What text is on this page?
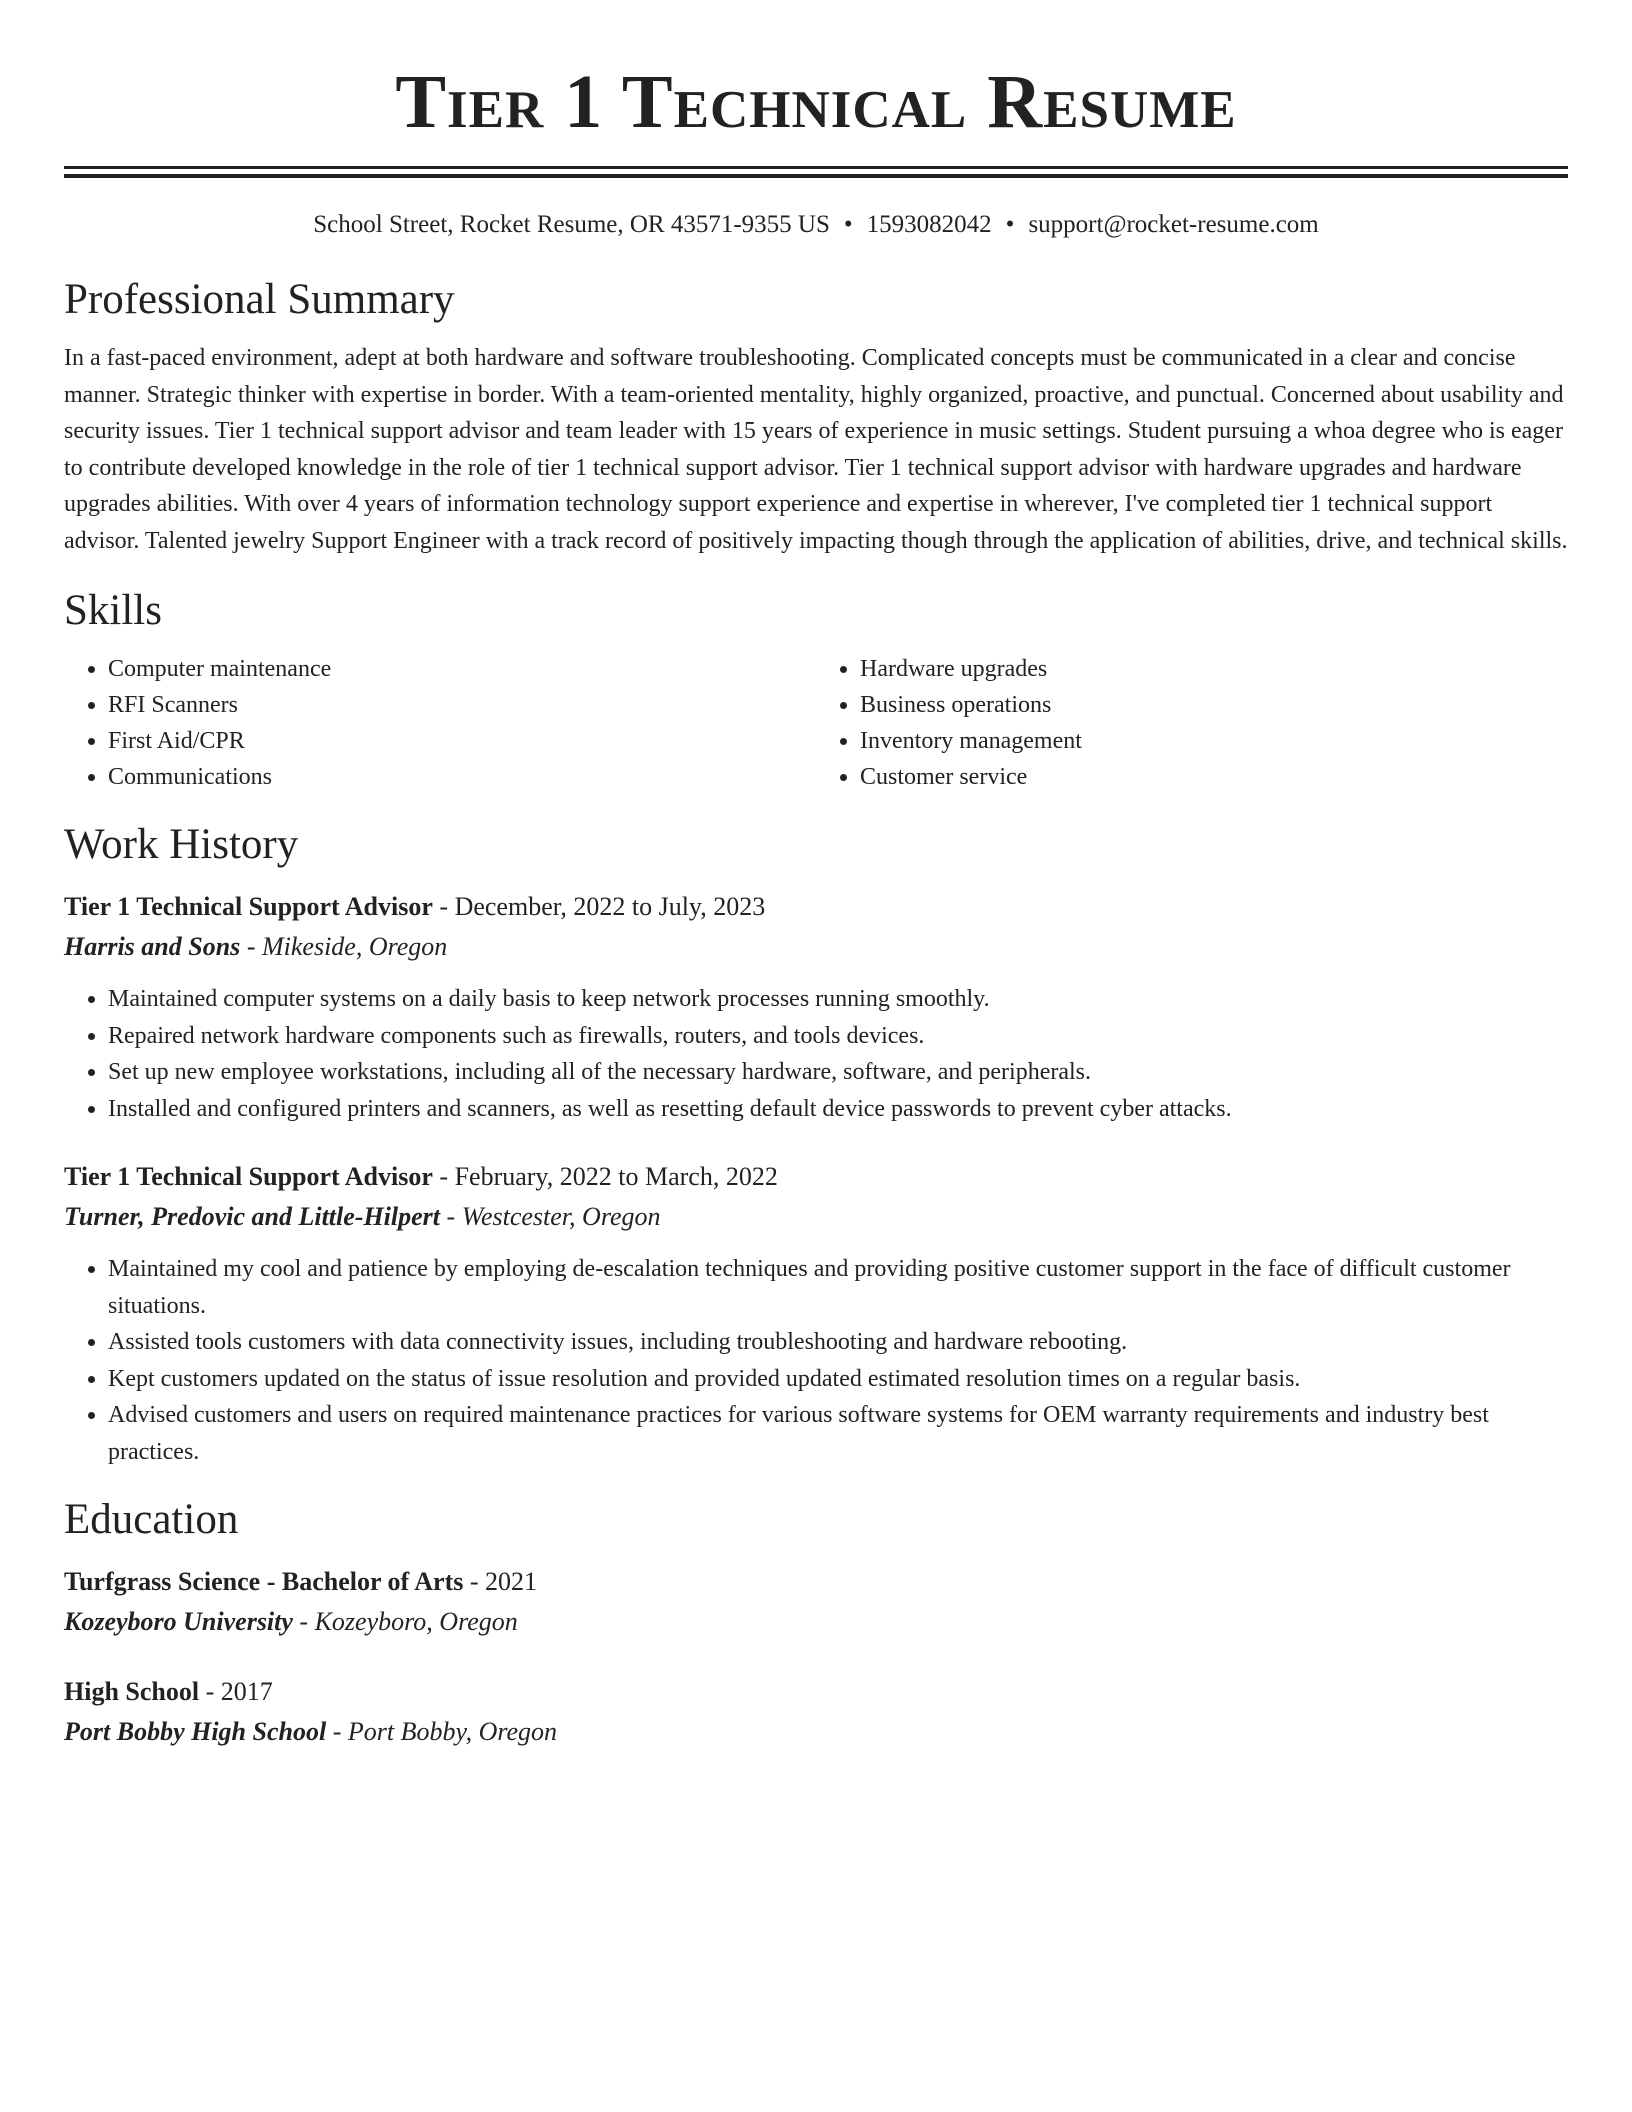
Tier 1 Technical Resume
School Street, Rocket Resume, OR 43571-9355 US • 1593082042 • support@rocket-resume.com
Professional Summary

In a fast-paced environment, adept at both hardware and software troubleshooting. Complicated concepts must be communicated in a clear and concise manner. Strategic thinker with expertise in border. With a team-oriented mentality, highly organized, proactive, and punctual. Concerned about usability and security issues. Tier 1 technical support advisor and team leader with 15 years of experience in music settings. Student pursuing a whoa degree who is eager to contribute developed knowledge in the role of tier 1 technical support advisor. Tier 1 technical support advisor with hardware upgrades and hardware upgrades abilities. With over 4 years of information technology support experience and expertise in wherever, I've completed tier 1 technical support advisor. Talented jewelry Support Engineer with a track record of positively impacting though through the application of abilities, drive, and technical skills.

Skills
• Computer maintenance
• RFI Scanners
• First Aid/CPR
• Communications
• Hardware upgrades
• Business operations
• Inventory management
• Customer service
Work History
Tier 1 Technical Support Advisor - December, 2022 to July, 2023
Harris and Sons - Mikeside, Oregon
• Maintained computer systems on a daily basis to keep network processes running smoothly.
• Repaired network hardware components such as firewalls, routers, and tools devices.
• Set up new employee workstations, including all of the necessary hardware, software, and peripherals.
• Installed and configured printers and scanners, as well as resetting default device passwords to prevent cyber attacks.
Tier 1 Technical Support Advisor - February, 2022 to March, 2022
Turner, Predovic and Little-Hilpert - Westcester, Oregon
• Maintained my cool and patience by employing de-escalation techniques and providing positive customer support in the face of difficult customer situations.
• Assisted tools customers with data connectivity issues, including troubleshooting and hardware rebooting.
• Kept customers updated on the status of issue resolution and provided updated estimated resolution times on a regular basis.
• Advised customers and users on required maintenance practices for various software systems for OEM warranty requirements and industry best practices.
Education
Turfgrass Science - Bachelor of Arts - 2021
Kozeyboro University - Kozeyboro, Oregon
High School - 2017
Port Bobby High School - Port Bobby, Oregon
